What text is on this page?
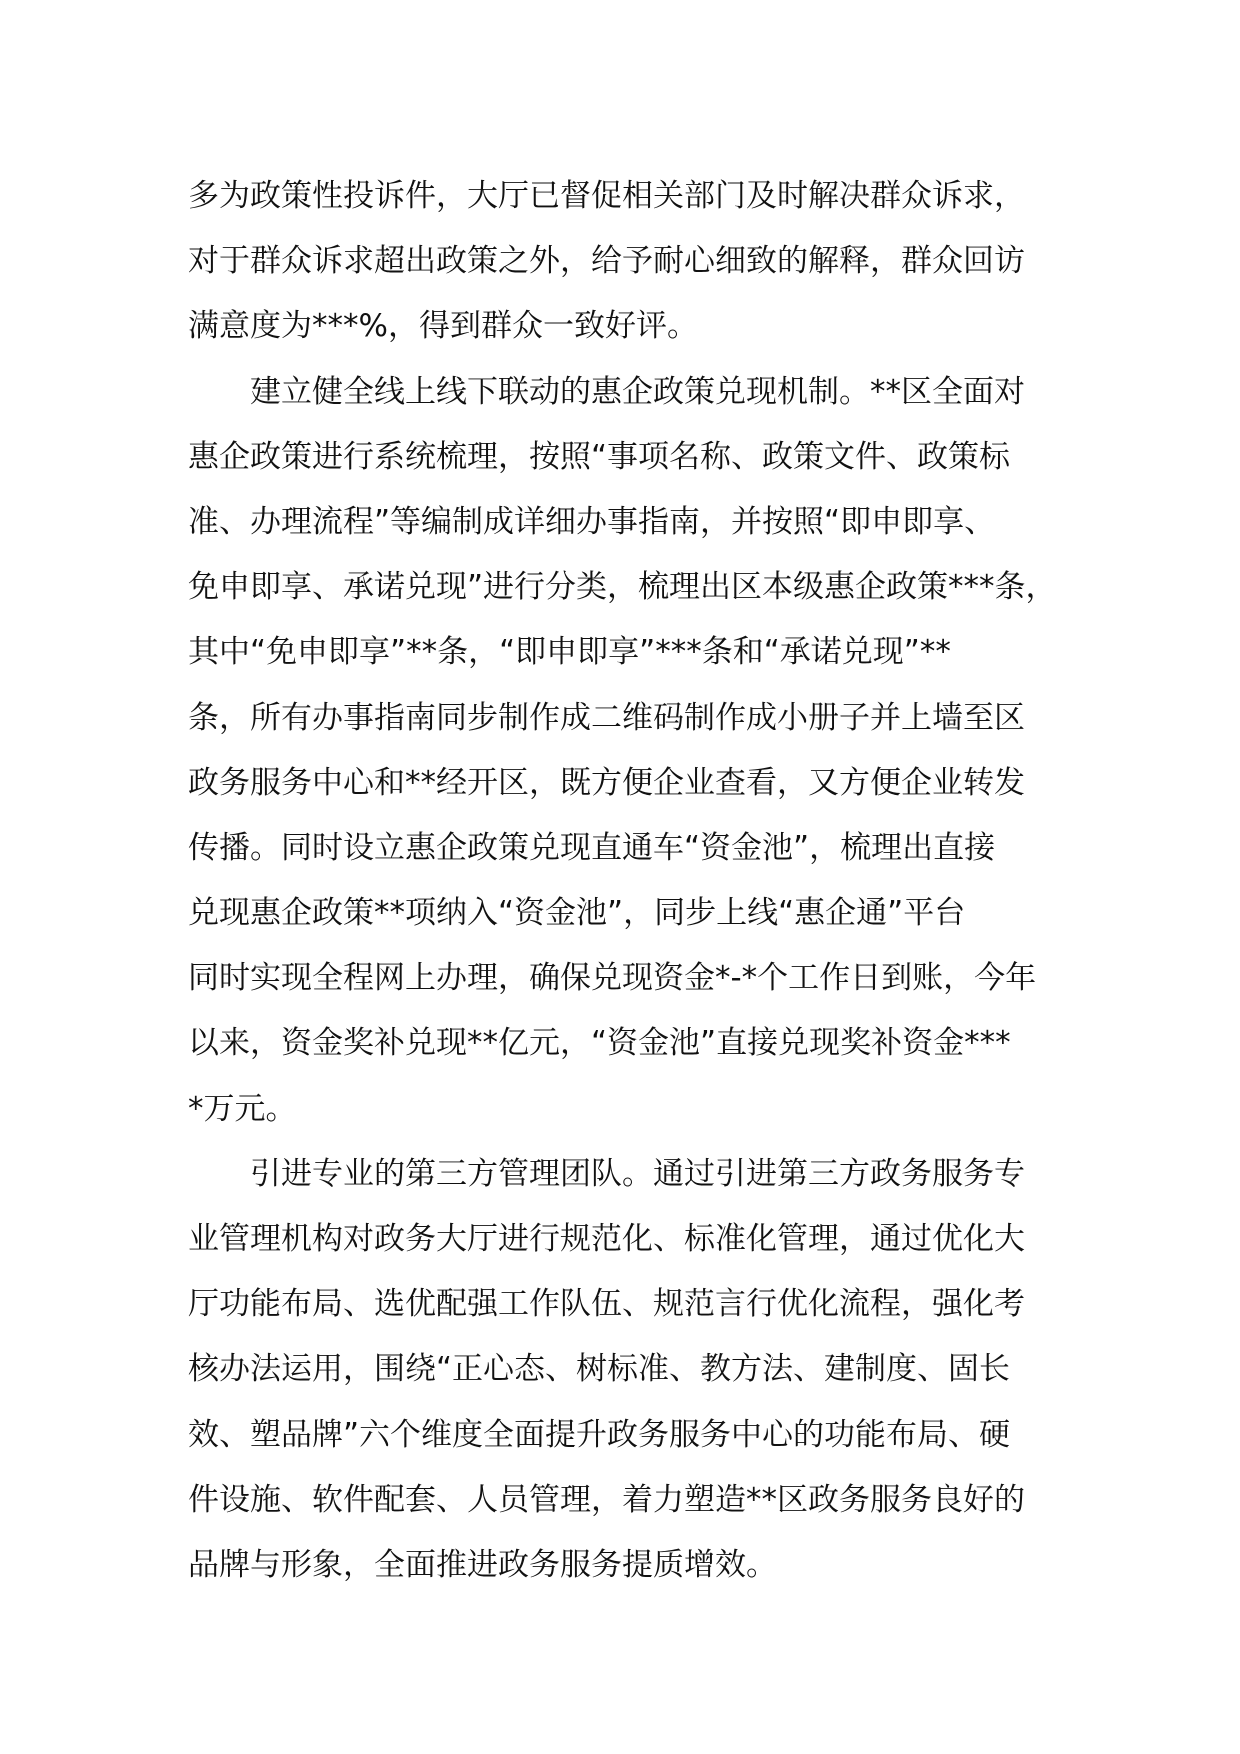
多为政策性投诉件，大厅已督促相关部门及时解决群众诉求，
对于群众诉求超出政策之外，给予耐心细致的解释，群众回访
满意度为***%，得到群众一致好评。

建立健全线上线下联动的惠企政策兑现机制。**区全面对
惠企政策进行系统梳理，按照“事项名称、政策文件、政策标
准、办理流程”等编制成详细办事指南，并按照“即申即享、
免申即享、承诺兑现”进行分类，梳理出区本级惠企政策***条，
其中“免申即享”**条，“即申即享”***条和“承诺兑现”**
条，所有办事指南同步制作成二维码制作成小册子并上墙至区
政务服务中心和**经开区，既方便企业查看，又方便企业转发
传播。同时设立惠企政策兑现直通车“资金池”，梳理出直接
兑现惠企政策**项纳入“资金池”，同步上线“惠企通”平台
同时实现全程网上办理，确保兑现资金*-*个工作日到账，今年
以来，资金奖补兑现**亿元，“资金池”直接兑现奖补资金***
*万元。

引进专业的第三方管理团队。通过引进第三方政务服务专
业管理机构对政务大厅进行规范化、标准化管理，通过优化大
厅功能布局、选优配强工作队伍、规范言行优化流程，强化考
核办法运用，围绕“正心态、树标准、教方法、建制度、固长
效、塑品牌”六个维度全面提升政务服务中心的功能布局、硬
件设施、软件配套、人员管理，着力塑造**区政务服务良好的
品牌与形象，全面推进政务服务提质增效。
